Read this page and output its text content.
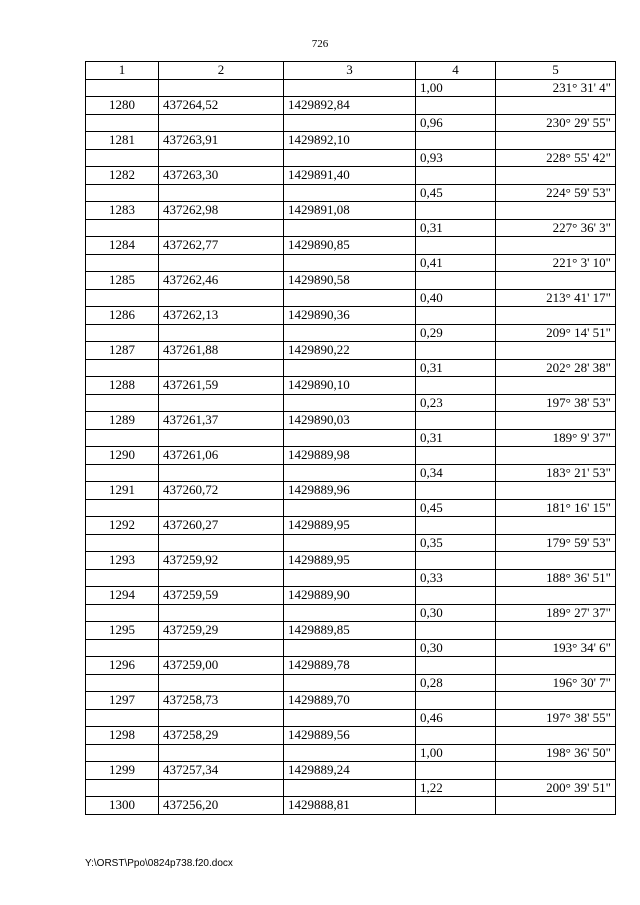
726
1	2	3	4	5
			1,00	231° 31' 4"
1280	437264,52	1429892,84		
			0,96	230° 29' 55"
1281	437263,91	1429892,10		
			0,93	228° 55' 42"
1282	437263,30	1429891,40		
			0,45	224° 59' 53"
1283	437262,98	1429891,08		
			0,31	227° 36' 3"
1284	437262,77	1429890,85		
			0,41	221° 3' 10"
1285	437262,46	1429890,58		
			0,40	213° 41' 17"
1286	437262,13	1429890,36		
			0,29	209° 14' 51"
1287	437261,88	1429890,22		
			0,31	202° 28' 38"
1288	437261,59	1429890,10		
			0,23	197° 38' 53"
1289	437261,37	1429890,03		
			0,31	189° 9' 37"
1290	437261,06	1429889,98		
			0,34	183° 21' 53"
1291	437260,72	1429889,96		
			0,45	181° 16' 15"
1292	437260,27	1429889,95		
			0,35	179° 59' 53"
1293	437259,92	1429889,95		
			0,33	188° 36' 51"
1294	437259,59	1429889,90		
			0,30	189° 27' 37"
1295	437259,29	1429889,85		
			0,30	193° 34' 6"
1296	437259,00	1429889,78		
			0,28	196° 30' 7"
1297	437258,73	1429889,70		
			0,46	197° 38' 55"
1298	437258,29	1429889,56		
			1,00	198° 36' 50"
1299	437257,34	1429889,24		
			1,22	200° 39' 51"
1300	437256,20	1429888,81		
Y:\ORST\Ppo\0824p738.f20.docx
